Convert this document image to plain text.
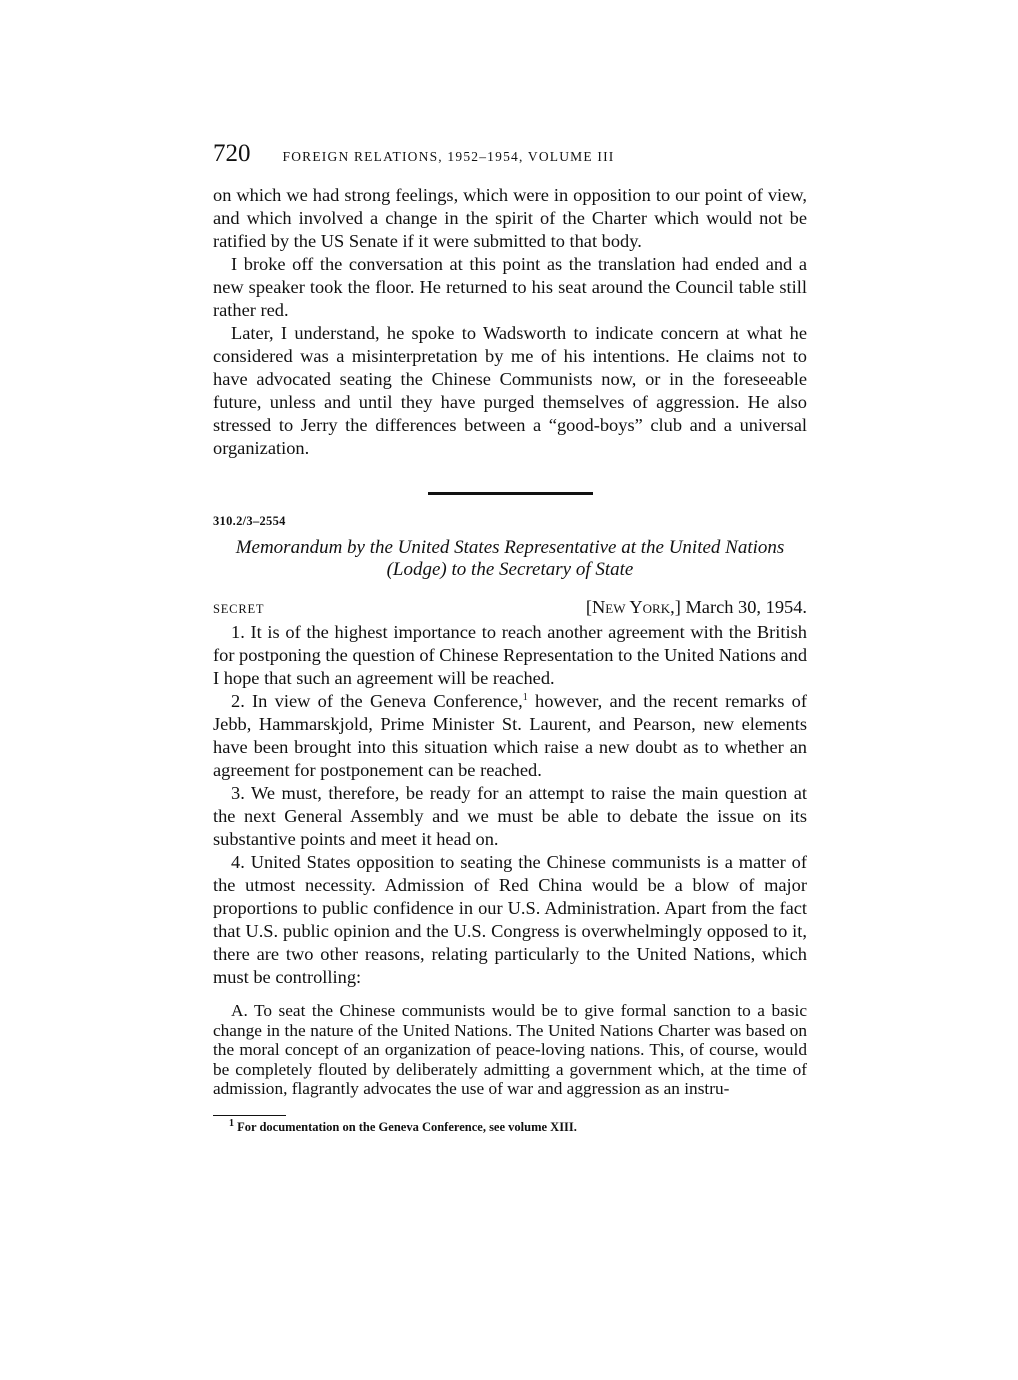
720 FOREIGN RELATIONS, 1952–1954, VOLUME III

on which we had strong feelings, which were in opposition to our point of view, and which involved a change in the spirit of the Charter which would not be ratified by the US Senate if it were submitted to that body.

I broke off the conversation at this point as the translation had ended and a new speaker took the floor. He returned to his seat around the Council table still rather red.

Later, I understand, he spoke to Wadsworth to indicate concern at what he considered was a misinterpretation by me of his intentions. He claims not to have advocated seating the Chinese Communists now, or in the foreseeable future, unless and until they have purged themselves of aggression. He also stressed to Jerry the differences between a “good-boys” club and a universal organization.

310.2/3–2554
Memorandum by the United States Representative at the United Nations (Lodge) to the Secretary of State
SECRET	[New York,] March 30, 1954.

1. It is of the highest importance to reach another agreement with the British for postponing the question of Chinese Representation to the United Nations and I hope that such an agreement will be reached.

2. In view of the Geneva Conference,$^1$ however, and the recent remarks of Jebb, Hammarskjold, Prime Minister St. Laurent, and Pearson, new elements have been brought into this situation which raise a new doubt as to whether an agreement for postponement can be reached.

3. We must, therefore, be ready for an attempt to raise the main question at the next General Assembly and we must be able to debate the issue on its substantive points and meet it head on.

4. United States opposition to seating the Chinese communists is a matter of the utmost necessity. Admission of Red China would be a blow of major proportions to public confidence in our U.S. Administration. Apart from the fact that U.S. public opinion and the U.S. Congress is overwhelmingly opposed to it, there are two other reasons, relating particularly to the United Nations, which must be controlling:

A. To seat the Chinese communists would be to give formal sanction to a basic change in the nature of the United Nations. The United Nations Charter was based on the moral concept of an organization of peace-loving nations. This, of course, would be completely flouted by deliberately admitting a government which, at the time of admission, flagrantly advocates the use of war and aggression as an instru-

$^1$ For documentation on the Geneva Conference, see volume XIII.
